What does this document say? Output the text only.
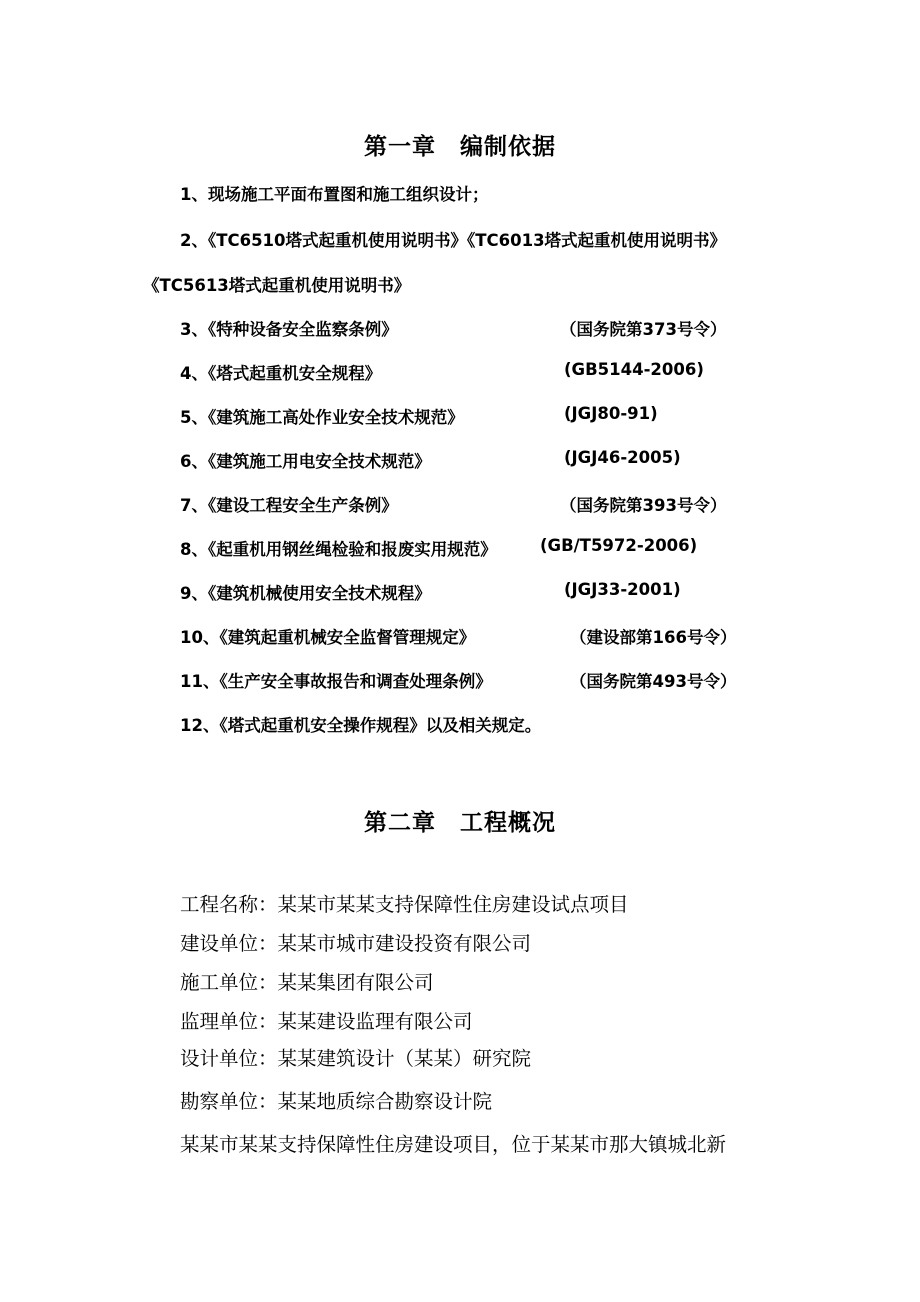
第一章　编制依据
1、现场施工平面布置图和施工组织设计；
2、《TC6510塔式起重机使用说明书》《TC6013塔式起重机使用说明书》
《TC5613塔式起重机使用说明书》
3、《特种设备安全监察条例》	（国务院第373号令）
4、《塔式起重机安全规程》	(GB5144-2006)
5、《建筑施工高处作业安全技术规范》	(JGJ80-91)
6、《建筑施工用电安全技术规范》	(JGJ46-2005)
7、《建设工程安全生产条例》	（国务院第393号令）
8、《起重机用钢丝绳检验和报废实用规范》	(GB/T5972-2006)
9、《建筑机械使用安全技术规程》	(JGJ33-2001)
10、《建筑起重机械安全监督管理规定》	（建设部第166号令）
11、《生产安全事故报告和调查处理条例》	（国务院第493号令）
12、《塔式起重机安全操作规程》以及相关规定。
第二章　工程概况
工程名称：某某市某某支持保障性住房建设试点项目
建设单位：某某市城市建设投资有限公司
施工单位：某某集团有限公司
监理单位：某某建设监理有限公司
设计单位：某某建筑设计（某某）研究院
勘察单位：某某地质综合勘察设计院
某某市某某支持保障性住房建设项目，位于某某市那大镇城北新
